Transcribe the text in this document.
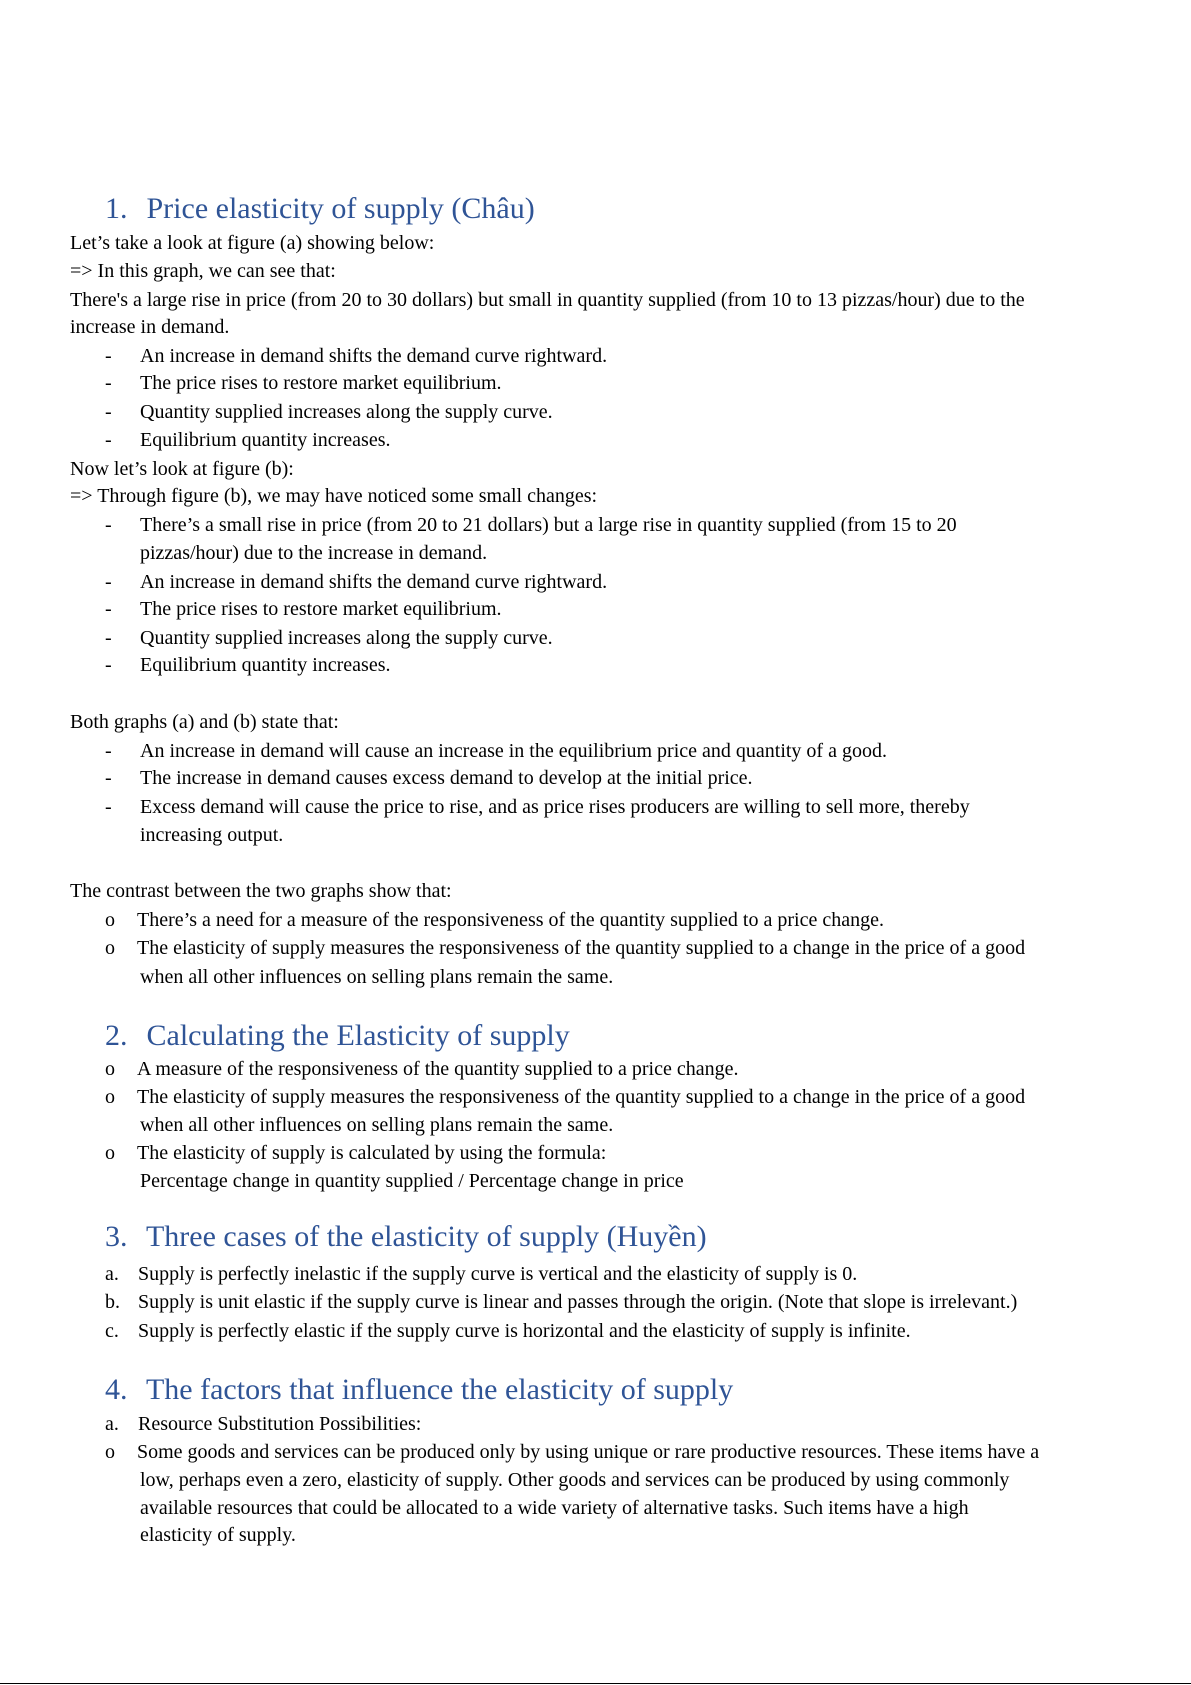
1. Price elasticity of supply (Châu)
Let’s take a look at figure (a) showing below:
=> In this graph, we can see that:
There's a large rise in price (from 20 to 30 dollars) but small in quantity supplied (from 10 to 13 pizzas/hour) due to the
increase in demand.
- An increase in demand shifts the demand curve rightward.
- The price rises to restore market equilibrium.
- Quantity supplied increases along the supply curve.
- Equilibrium quantity increases.
Now let’s look at figure (b):
=> Through figure (b), we may have noticed some small changes:
- There’s a small rise in price (from 20 to 21 dollars) but a large rise in quantity supplied (from 15 to 20
pizzas/hour) due to the increase in demand.
- An increase in demand shifts the demand curve rightward.
- The price rises to restore market equilibrium.
- Quantity supplied increases along the supply curve.
- Equilibrium quantity increases.
Both graphs (a) and (b) state that:
- An increase in demand will cause an increase in the equilibrium price and quantity of a good.
- The increase in demand causes excess demand to develop at the initial price.
- Excess demand will cause the price to rise, and as price rises producers are willing to sell more, thereby
increasing output.
The contrast between the two graphs show that:
o There’s a need for a measure of the responsiveness of the quantity supplied to a price change.
o The elasticity of supply measures the responsiveness of the quantity supplied to a change in the price of a good
when all other influences on selling plans remain the same.
2. Calculating the Elasticity of supply
o A measure of the responsiveness of the quantity supplied to a price change.
o The elasticity of supply measures the responsiveness of the quantity supplied to a change in the price of a good
when all other influences on selling plans remain the same.
o The elasticity of supply is calculated by using the formula:
Percentage change in quantity supplied / Percentage change in price
3. Three cases of the elasticity of supply (Huyền)
a. Supply is perfectly inelastic if the supply curve is vertical and the elasticity of supply is 0.
b. Supply is unit elastic if the supply curve is linear and passes through the origin. (Note that slope is irrelevant.)
c. Supply is perfectly elastic if the supply curve is horizontal and the elasticity of supply is infinite.
4. The factors that influence the elasticity of supply
a. Resource Substitution Possibilities:
o Some goods and services can be produced only by using unique or rare productive resources. These items have a
low, perhaps even a zero, elasticity of supply. Other goods and services can be produced by using commonly
available resources that could be allocated to a wide variety of alternative tasks. Such items have a high
elasticity of supply.
